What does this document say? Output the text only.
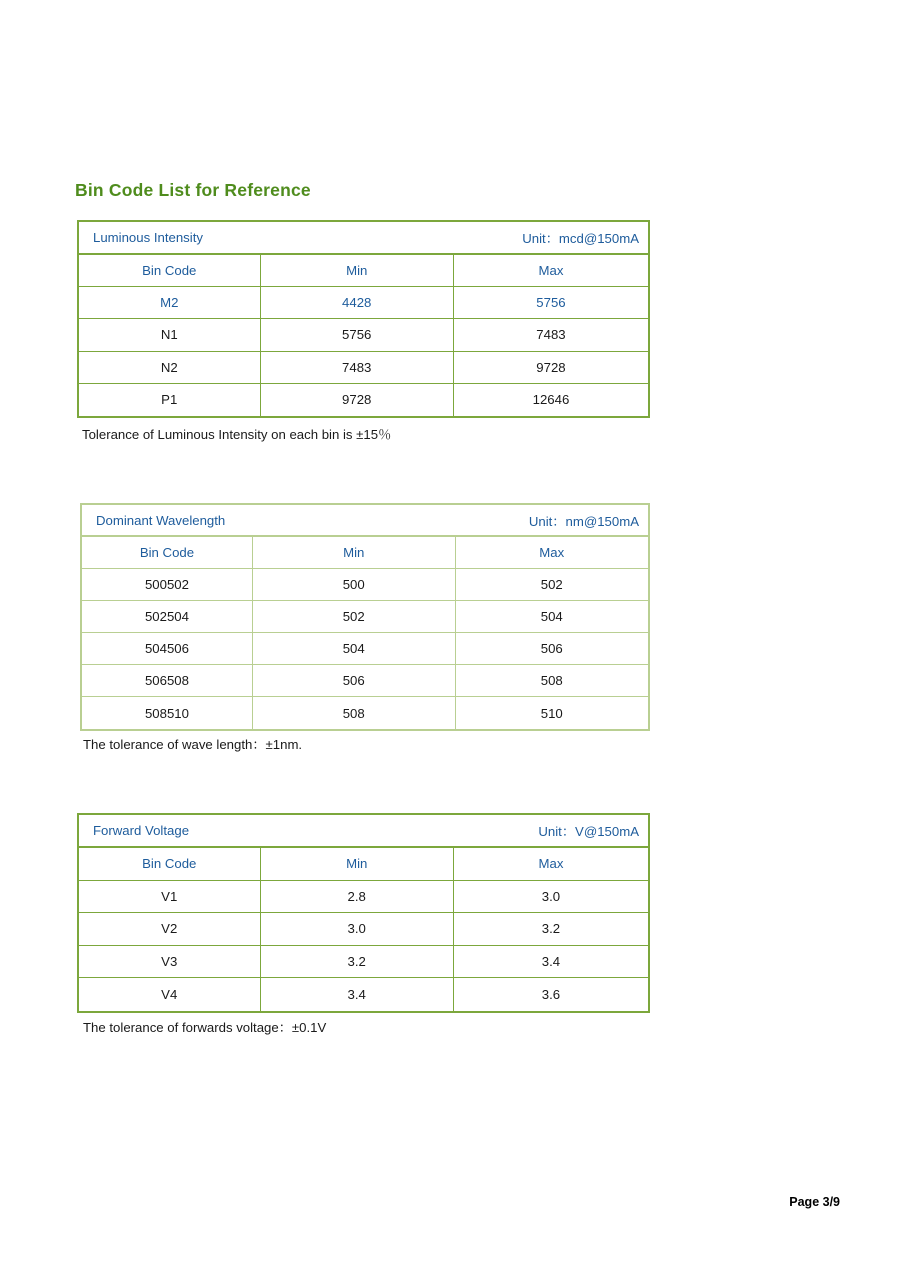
Bin Code List for Reference
Luminous Intensity	Unit：mcd@150mA
Bin Code	Min	Max
M2	4428	5756
N1	5756	7483
N2	7483	9728
P1	9728	12646
Tolerance of Luminous Intensity on each bin is ±15％
Dominant Wavelength	Unit：nm@150mA
Bin Code	Min	Max
500502	500	502
502504	502	504
504506	504	506
506508	506	508
508510	508	510
The tolerance of wave length：±1nm.
Forward Voltage	Unit：V@150mA
Bin Code	Min	Max
V1	2.8	3.0
V2	3.0	3.2
V3	3.2	3.4
V4	3.4	3.6
The tolerance of forwards voltage：±0.1V
Page 3/9
